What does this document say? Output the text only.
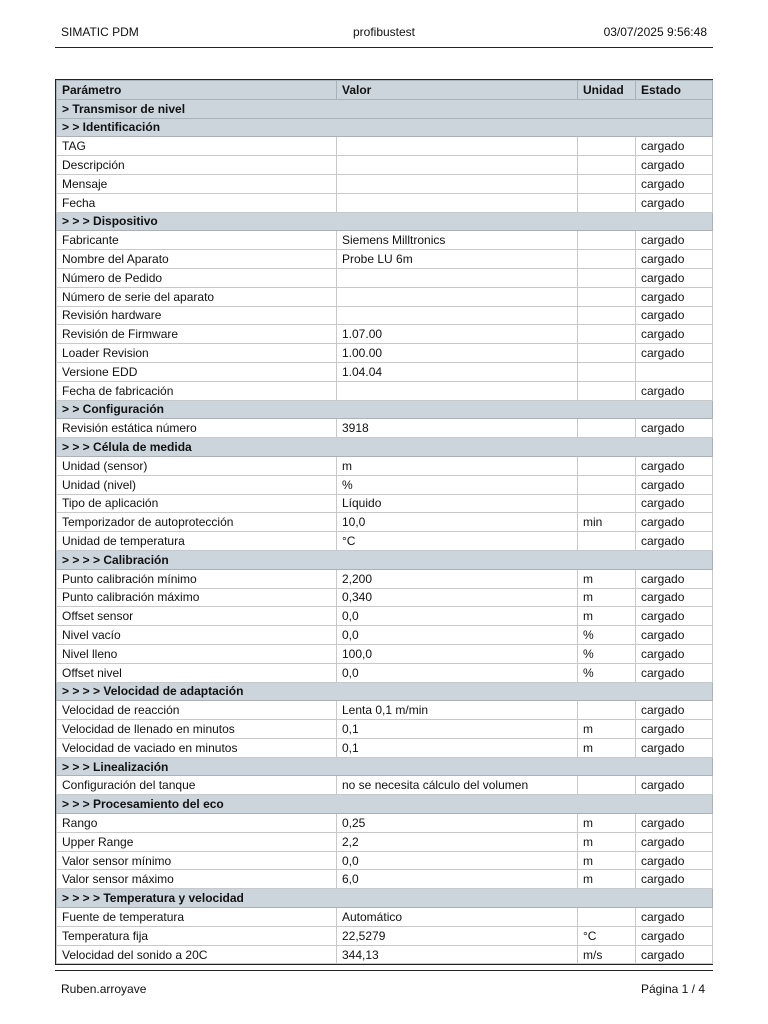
SIMATIC PDM	profibustest	03/07/2025 9:56:48
Parámetro	Valor	Unidad	Estado
> Transmisor de nivel			
> > Identificación			
TAG			cargado
Descripción			cargado
Mensaje			cargado
Fecha			cargado
> > > Dispositivo			
Fabricante	Siemens Milltronics		cargado
Nombre del Aparato	Probe LU 6m		cargado
Número de Pedido			cargado
Número de serie del aparato			cargado
Revisión hardware			cargado
Revisión de Firmware	1.07.00		cargado
Loader Revision	1.00.00		cargado
Versione EDD	1.04.04		
Fecha de fabricación			cargado
> > Configuración			
Revisión estática número	3918		cargado
> > > Célula de medida			
Unidad (sensor)	m		cargado
Unidad (nivel)	%		cargado
Tipo de aplicación	Líquido		cargado
Temporizador de autoprotección	10,0	min	cargado
Unidad de temperatura	°C		cargado
> > > > Calibración			
Punto calibración mínimo	2,200	m	cargado
Punto calibración máximo	0,340	m	cargado
Offset sensor	0,0	m	cargado
Nivel vacío	0,0	%	cargado
Nivel lleno	100,0	%	cargado
Offset nivel	0,0	%	cargado
> > > > Velocidad de adaptación			
Velocidad de reacción	Lenta 0,1 m/min		cargado
Velocidad de llenado en minutos	0,1	m	cargado
Velocidad de vaciado en minutos	0,1	m	cargado
> > > Linealización			
Configuración del tanque	no se necesita cálculo del volumen		cargado
> > > Procesamiento del eco			
Rango	0,25	m	cargado
Upper Range	2,2	m	cargado
Valor sensor mínimo	0,0	m	cargado
Valor sensor máximo	6,0	m	cargado
> > > > Temperatura y velocidad			
Fuente de temperatura	Automático		cargado
Temperatura fija	22,5279	°C	cargado
Velocidad del sonido a 20C	344,13	m/s	cargado
Ruben.arroyave	Página 1 / 4
